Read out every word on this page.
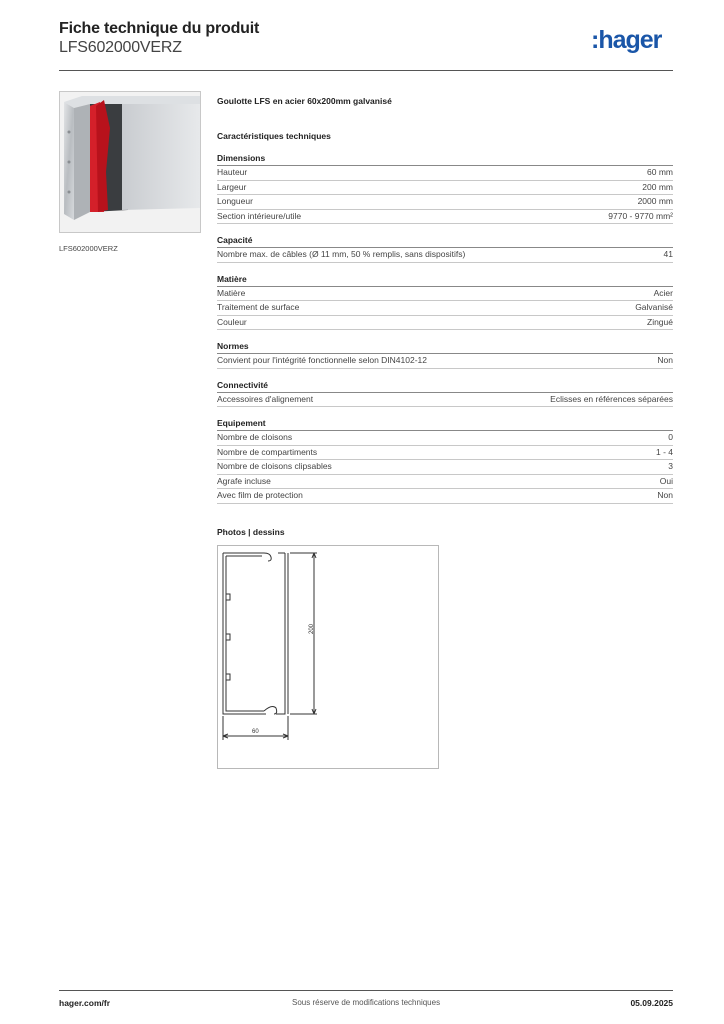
Fiche technique du produit
LFS602000VERZ	:hager
LFS602000VERZ
Goulotte LFS en acier 60x200mm galvanisé
Caractéristiques techniques
Dimensions
Hauteur	60 mm
Largeur	200 mm
Longueur	2000 mm
Section intérieure/utile	9770 - 9770 mm²
Capacité
Nombre max. de câbles (Ø 11 mm, 50 % remplis, sans dispositifs)	41
Matière
Matière	Acier
Traitement de surface	Galvanisé
Couleur	Zingué
Normes
Convient pour l'intégrité fonctionnelle selon DIN4102-12	Non
Connectivité
Accessoires d'alignement	Eclisses en références séparées
Equipement
Nombre de cloisons	0
Nombre de compartiments	1 - 4
Nombre de cloisons clipsables	3
Agrafe incluse	Oui
Avec film de protection	Non
Photos | dessins
200
60
hager.com/fr	Sous réserve de modifications techniques	05.09.2025
